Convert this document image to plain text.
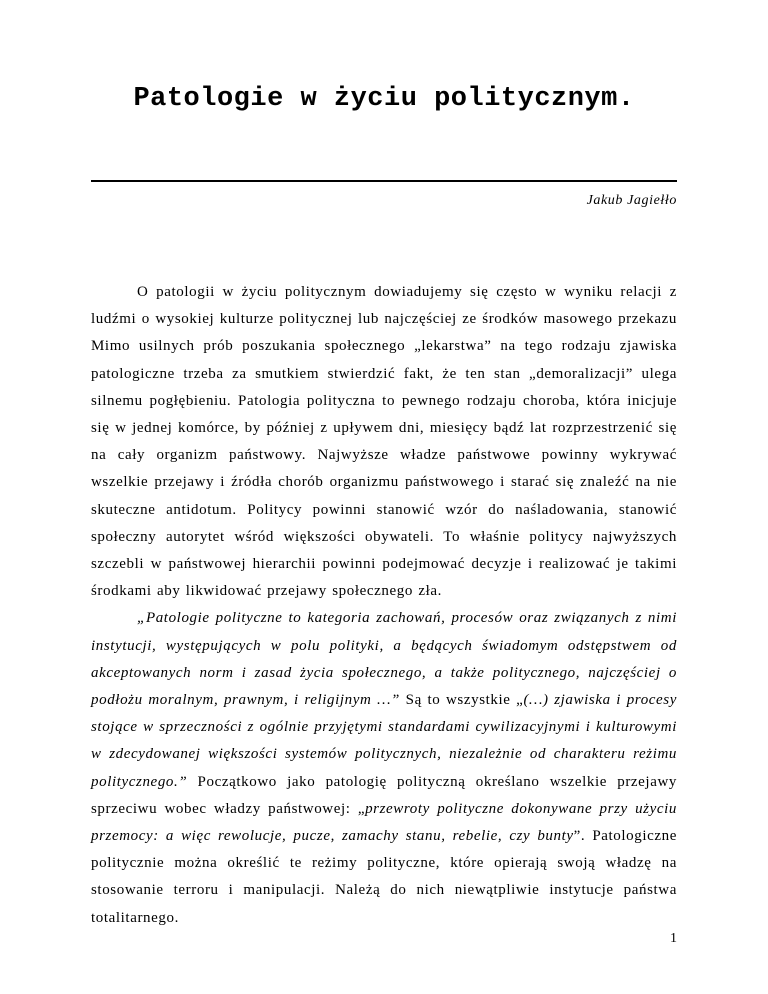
Patologie w życiu politycznym.
Jakub Jagiełło

O patologii w życiu politycznym dowiadujemy się często w wyniku relacji z ludźmi o wysokiej kulturze politycznej lub najczęściej ze środków masowego przekazu Mimo usilnych prób poszukania społecznego „lekarstwa” na tego rodzaju zjawiska patologiczne trzeba za smutkiem stwierdzić fakt, że ten stan „demoralizacji” ulega silnemu pogłębieniu. Patologia polityczna to pewnego rodzaju choroba, która inicjuje się w jednej komórce, by później z upływem dni, miesięcy bądź lat rozprzestrzenić się na cały organizm państwowy. Najwyższe władze państwowe powinny wykrywać wszelkie przejawy i źródła chorób organizmu państwowego i starać się znaleźć na nie skuteczne antidotum. Politycy powinni stanowić wzór do naśladowania, stanowić społeczny autorytet wśród większości obywateli. To właśnie politycy najwyższych szczebli w państwowej hierarchii powinni podejmować decyzje i realizować je takimi środkami aby likwidować przejawy społecznego zła.

„Patologie polityczne to kategoria zachowań, procesów oraz związanych z nimi instytucji, występujących w polu polityki, a będących świadomym odstępstwem od akceptowanych norm i zasad życia społecznego, a także politycznego, najczęściej o podłożu moralnym, prawnym, i religijnym …” Są to wszystkie „(…) zjawiska i procesy stojące w sprzeczności z ogólnie przyjętymi standardami cywilizacyjnymi i kulturowymi w zdecydowanej większości systemów politycznych, niezależnie od charakteru reżimu politycznego.” Początkowo jako patologię polityczną określano wszelkie przejawy sprzeciwu wobec władzy państwowej: „przewroty polityczne dokonywane przy użyciu przemocy: a więc rewolucje, pucze, zamachy stanu, rebelie, czy bunty”. Patologiczne politycznie można określić te reżimy polityczne, które opierają swoją władzę na stosowanie terroru i manipulacji. Należą do nich niewątpliwie instytucje państwa totalitarnego.

1
